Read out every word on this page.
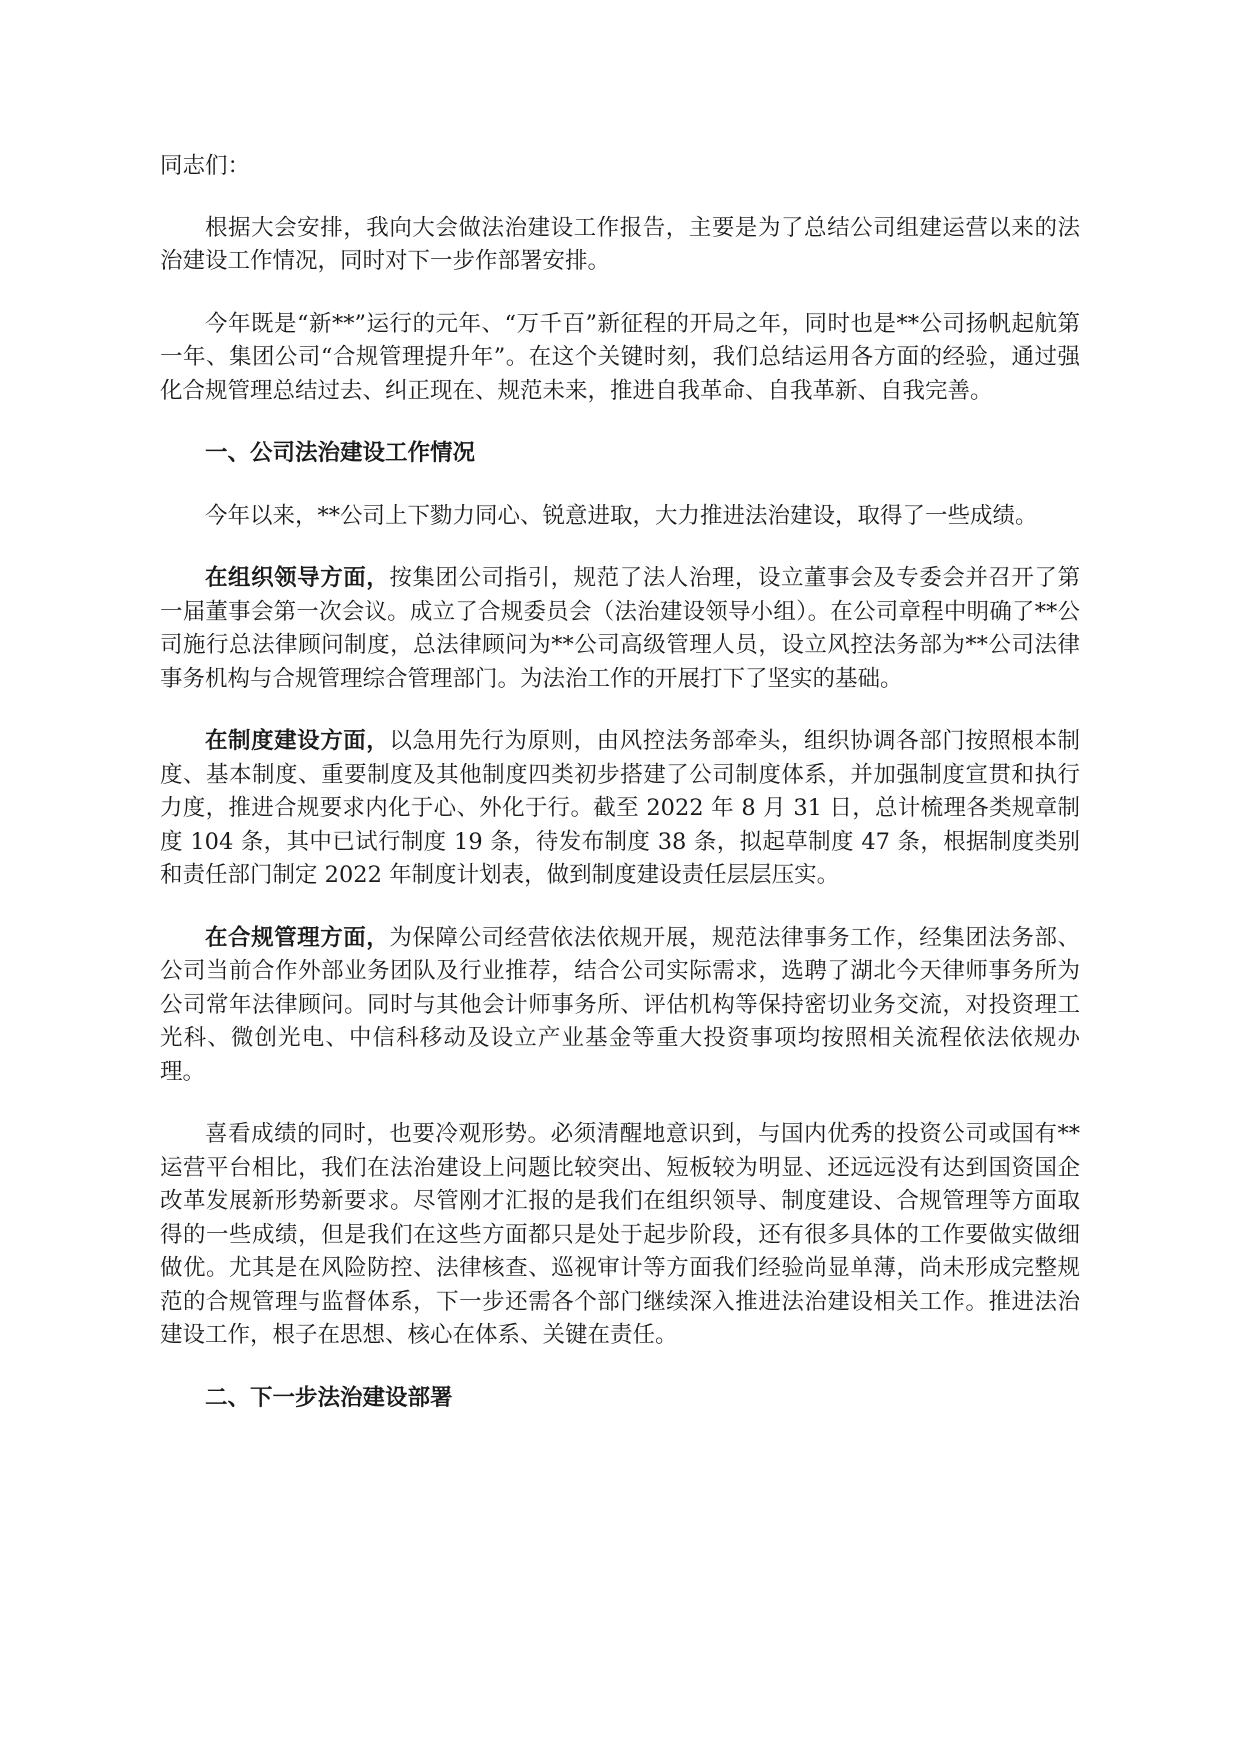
同志们：

根据大会安排，我向大会做法治建设工作报告，主要是为了总结公司组建运营以来的法治建设工作情况，同时对下一步作部署安排。

今年既是“新**”运行的元年、“万千百”新征程的开局之年，同时也是**公司扬帆起航第一年、集团公司“合规管理提升年”。在这个关键时刻，我们总结运用各方面的经验，通过强化合规管理总结过去、纠正现在、规范未来，推进自我革命、自我革新、自我完善。

一、公司法治建设工作情况

今年以来，**公司上下勠力同心、锐意进取，大力推进法治建设，取得了一些成绩。

在组织领导方面，按集团公司指引，规范了法人治理，设立董事会及专委会并召开了第一届董事会第一次会议。成立了合规委员会（法治建设领导小组）。在公司章程中明确了**公司施行总法律顾问制度，总法律顾问为**公司高级管理人员，设立风控法务部为**公司法律事务机构与合规管理综合管理部门。为法治工作的开展打下了坚实的基础。

在制度建设方面，以急用先行为原则，由风控法务部牵头，组织协调各部门按照根本制度、基本制度、重要制度及其他制度四类初步搭建了公司制度体系，并加强制度宣贯和执行力度，推进合规要求内化于心、外化于行。截至 2022 年 8 月 31 日，总计梳理各类规章制度 104 条，其中已试行制度 19 条，待发布制度 38 条，拟起草制度 47 条，根据制度类别和责任部门制定 2022 年制度计划表，做到制度建设责任层层压实。

在合规管理方面，为保障公司经营依法依规开展，规范法律事务工作，经集团法务部、公司当前合作外部业务团队及行业推荐，结合公司实际需求，选聘了湖北今天律师事务所为公司常年法律顾问。同时与其他会计师事务所、评估机构等保持密切业务交流，对投资理工光科、微创光电、中信科移动及设立产业基金等重大投资事项均按照相关流程依法依规办理。

喜看成绩的同时，也要冷观形势。必须清醒地意识到，与国内优秀的投资公司或国有**运营平台相比，我们在法治建设上问题比较突出、短板较为明显、还远远没有达到国资国企改革发展新形势新要求。尽管刚才汇报的是我们在组织领导、制度建设、合规管理等方面取得的一些成绩，但是我们在这些方面都只是处于起步阶段，还有很多具体的工作要做实做细做优。尤其是在风险防控、法律核查、巡视审计等方面我们经验尚显单薄，尚未形成完整规范的合规管理与监督体系，下一步还需各个部门继续深入推进法治建设相关工作。推进法治建设工作，根子在思想、核心在体系、关键在责任。

二、下一步法治建设部署
